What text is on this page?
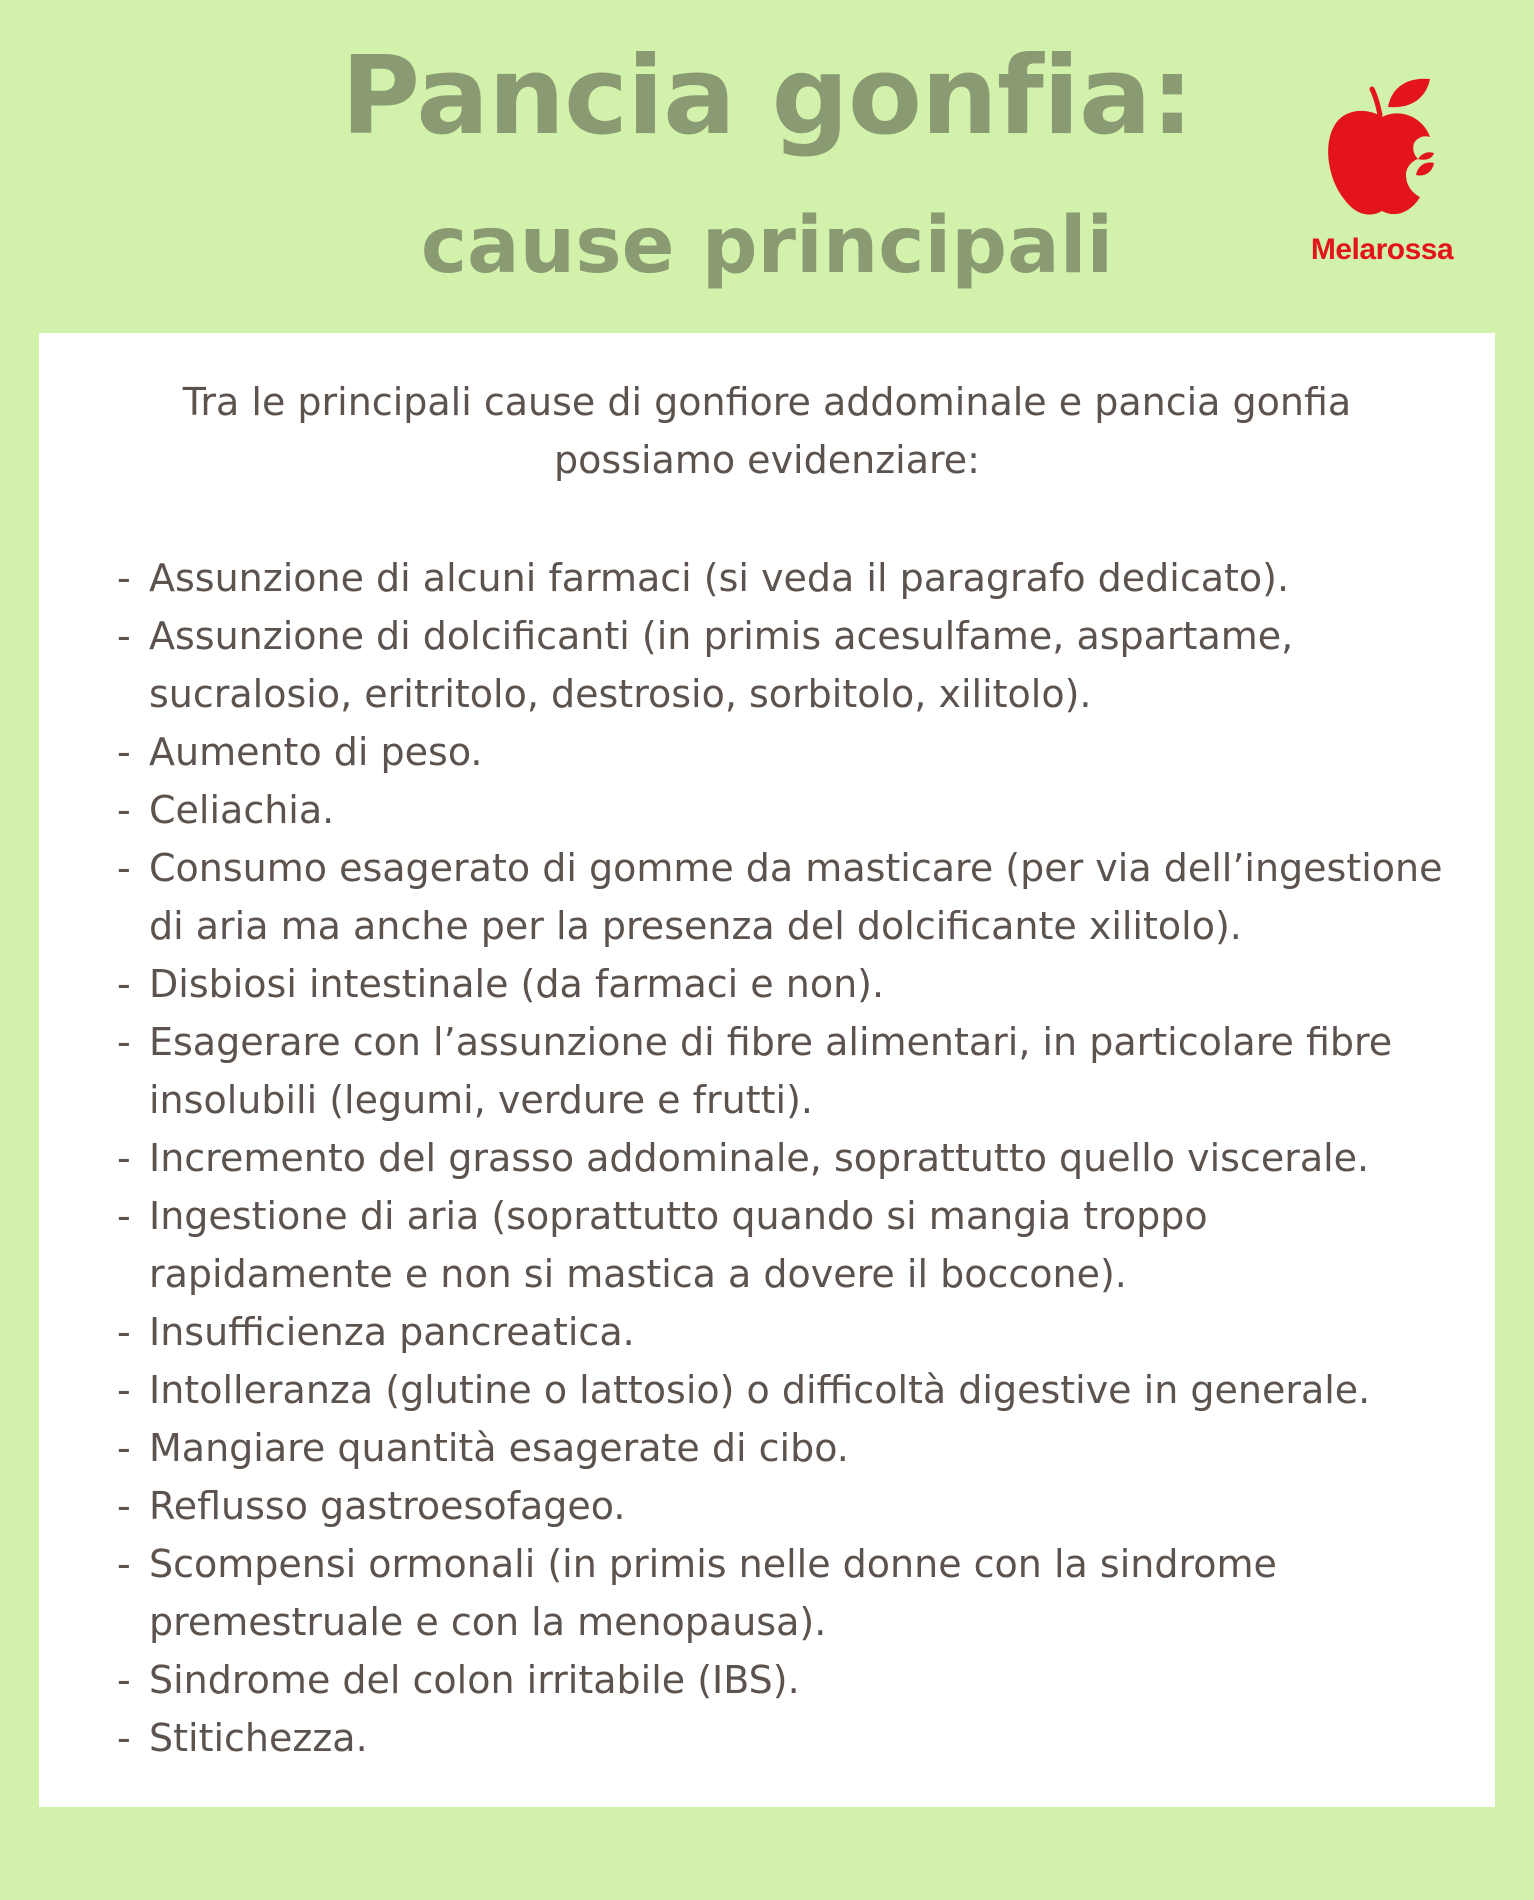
Pancia gonfia:
cause principali	Melarossa

Tra le principali cause di gonfiore addominale e pancia gonfia
possiamo evidenziare:

- Assunzione di alcuni farmaci (si veda il paragrafo dedicato).
- Assunzione di dolcificanti (in primis acesulfame, aspartame,
sucralosio, eritritolo, destrosio, sorbitolo, xilitolo).
- Aumento di peso.
- Celiachia.
- Consumo esagerato di gomme da masticare (per via dell’ingestione
di aria ma anche per la presenza del dolcificante xilitolo).
- Disbiosi intestinale (da farmaci e non).
- Esagerare con l’assunzione di fibre alimentari, in particolare fibre
insolubili (legumi, verdure e frutti).
- Incremento del grasso addominale, soprattutto quello viscerale.
- Ingestione di aria (soprattutto quando si mangia troppo
rapidamente e non si mastica a dovere il boccone).
- Insufficienza pancreatica.
- Intolleranza (glutine o lattosio) o difficoltà digestive in generale.
- Mangiare quantità esagerate di cibo.
- Reflusso gastroesofageo.
- Scompensi ormonali (in primis nelle donne con la sindrome
premestruale e con la menopausa).
- Sindrome del colon irritabile (IBS).
- Stitichezza.
